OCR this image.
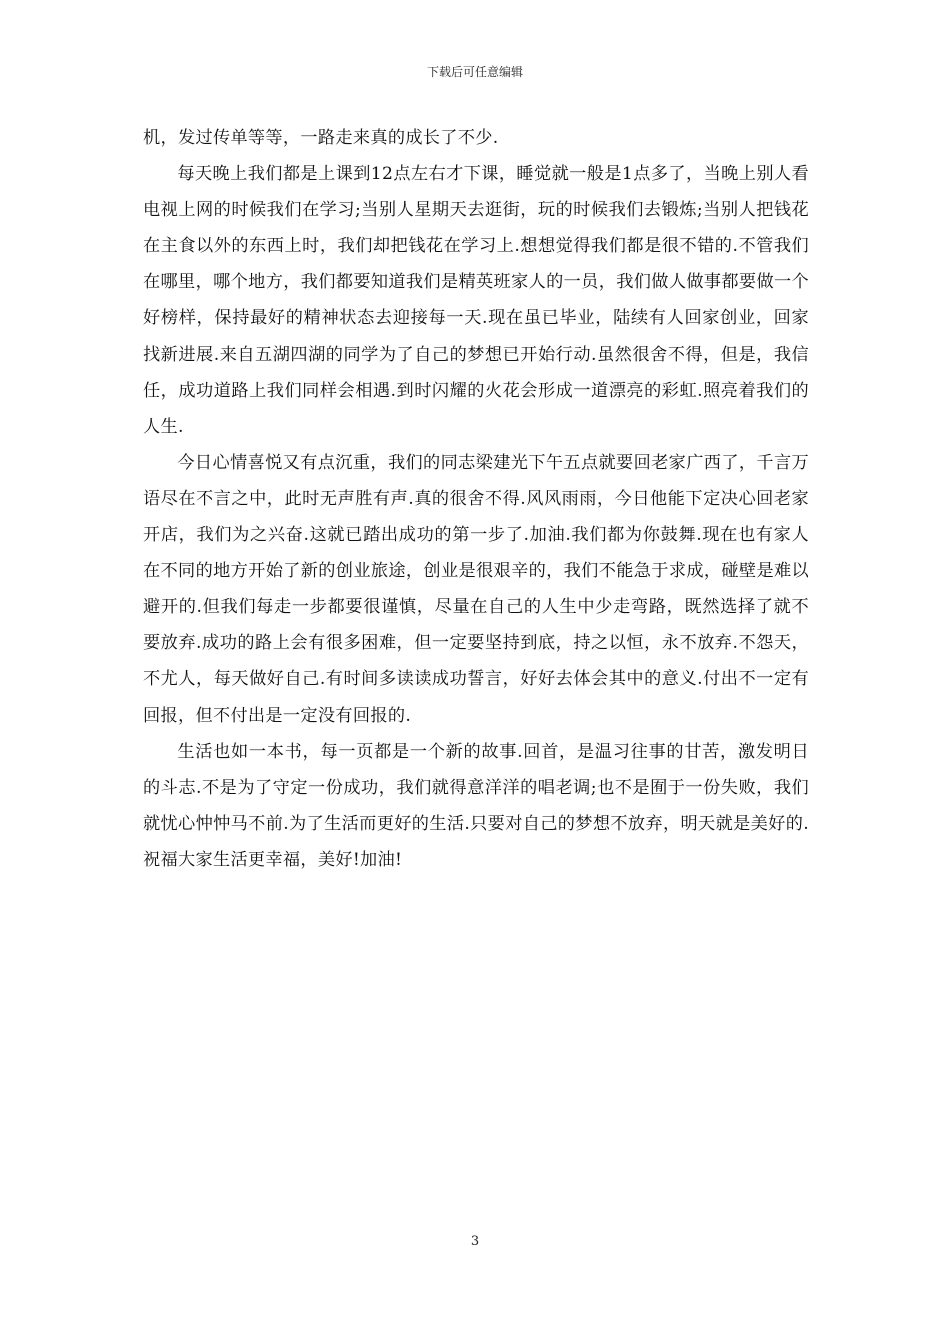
下载后可任意编辑

机，发过传单等等，一路走来真的成长了不少.

每天晚上我们都是上课到12点左右才下课，睡觉就一般是1点多了，当晚上别人看电视上网的时候我们在学习;当别人星期天去逛街，玩的时候我们去锻炼;当别人把钱花在主食以外的东西上时，我们却把钱花在学习上.想想觉得我们都是很不错的.不管我们在哪里，哪个地方，我们都要知道我们是精英班家人的一员，我们做人做事都要做一个好榜样，保持最好的精神状态去迎接每一天.现在虽已毕业，陆续有人回家创业，回家找新进展.来自五湖四湖的同学为了自己的梦想已开始行动.虽然很舍不得，但是，我信任，成功道路上我们同样会相遇.到时闪耀的火花会形成一道漂亮的彩虹.照亮着我们的人生.

今日心情喜悦又有点沉重，我们的同志梁建光下午五点就要回老家广西了，千言万语尽在不言之中，此时无声胜有声.真的很舍不得.风风雨雨，今日他能下定决心回老家开店，我们为之兴奋.这就已踏出成功的第一步了.加油.我们都为你鼓舞.现在也有家人在不同的地方开始了新的创业旅途，创业是很艰辛的，我们不能急于求成，碰壁是难以避开的.但我们每走一步都要很谨慎，尽量在自己的人生中少走弯路，既然选择了就不要放弃.成功的路上会有很多困难，但一定要坚持到底，持之以恒，永不放弃.不怨天，不尤人，每天做好自己.有时间多读读成功誓言，好好去体会其中的意义.付出不一定有回报，但不付出是一定没有回报的.

生活也如一本书，每一页都是一个新的故事.回首，是温习往事的甘苦，激发明日的斗志.不是为了守定一份成功，我们就得意洋洋的唱老调;也不是囿于一份失败，我们就忧心忡忡马不前.为了生活而更好的生活.只要对自己的梦想不放弃，明天就是美好的.祝福大家生活更幸福，美好!加油!

3
